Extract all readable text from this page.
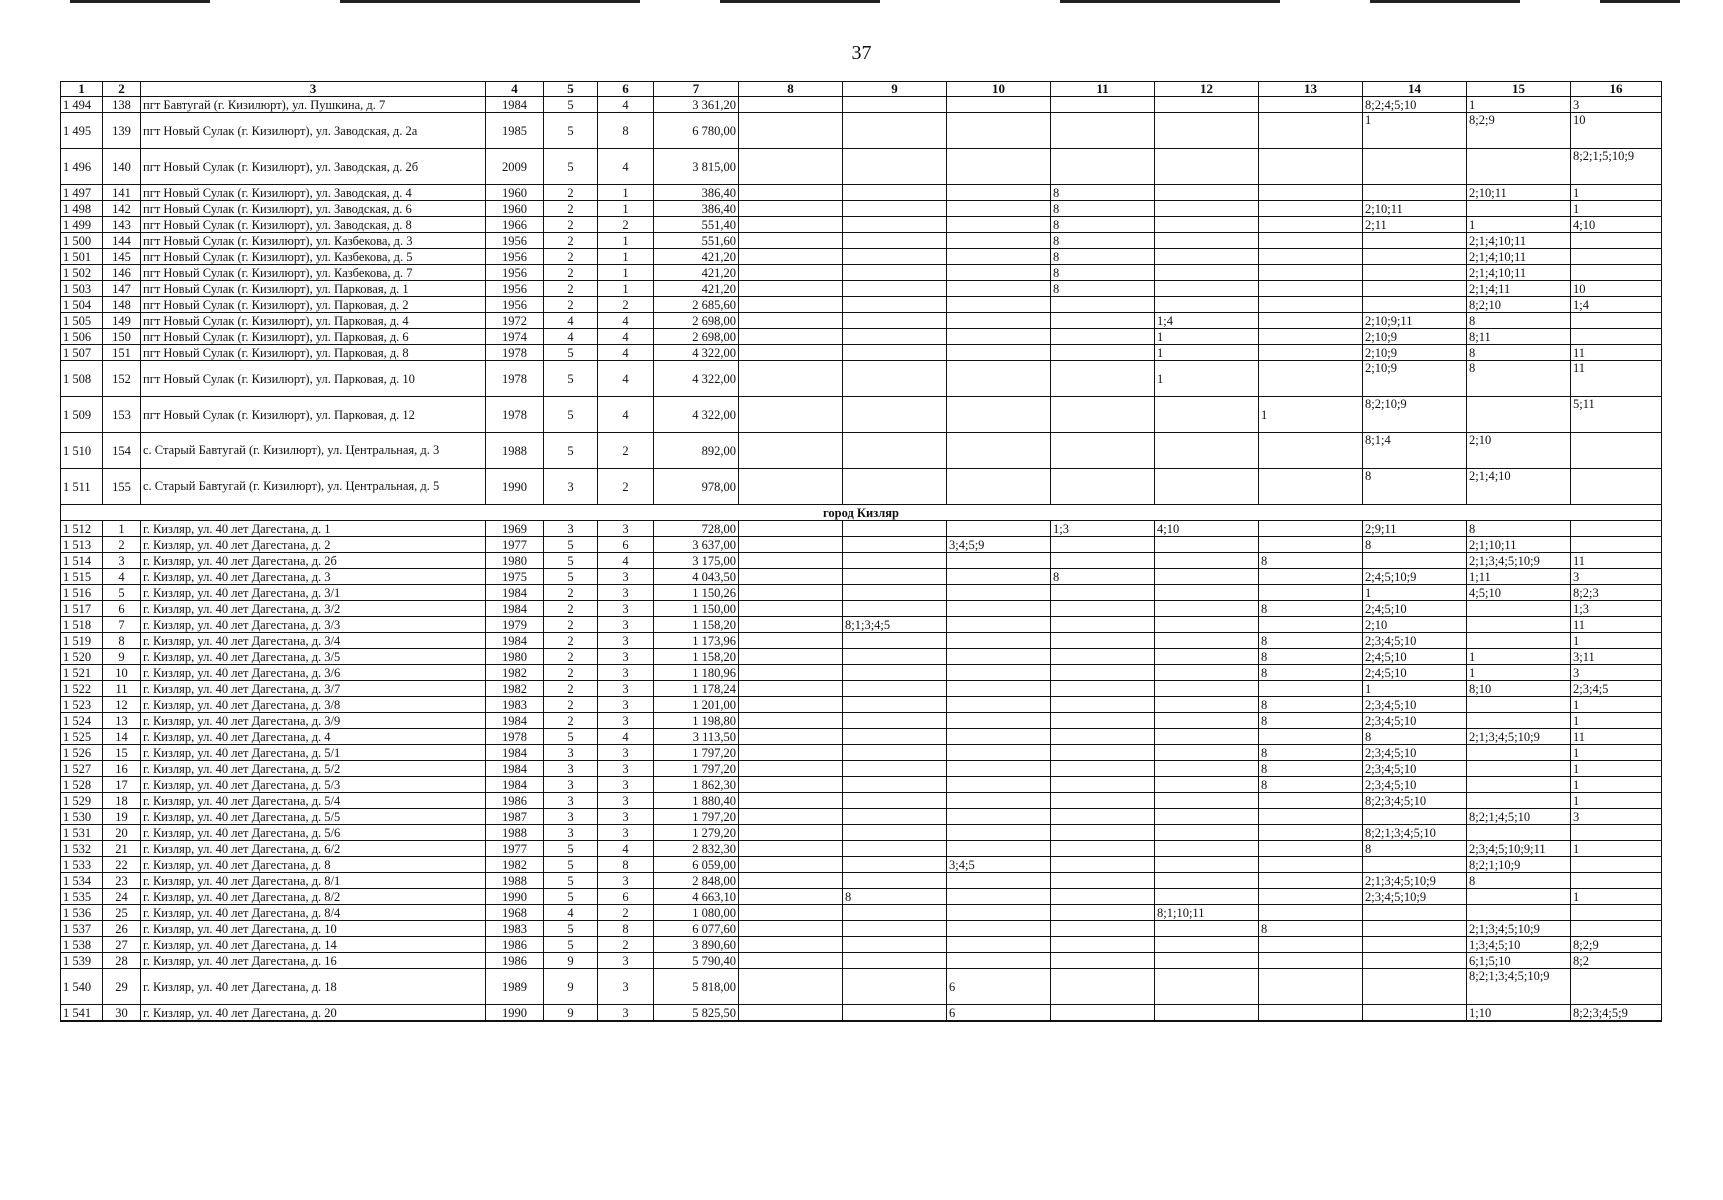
37
1	2	3	4	5	6	7	8	9	10	11	12	13	14	15	16
1 494	138	пгт Бавтугай (г. Кизилюрт), ул. Пушкина, д. 7	1984	5	4	3 361,20							8;2;4;5;10	1	3
1 495	139	пгт Новый Сулак (г. Кизилюрт), ул. Заводская, д. 2а	1985	5	8	6 780,00							1	8;2;9	10
1 496	140	пгт Новый Сулак (г. Кизилюрт), ул. Заводская, д. 2б	2009	5	4	3 815,00									8;2;1;5;10;9
1 497	141	пгт Новый Сулак (г. Кизилюрт), ул. Заводская, д. 4	1960	2	1	386,40				8				2;10;11	1
1 498	142	пгт Новый Сулак (г. Кизилюрт), ул. Заводская, д. 6	1960	2	1	386,40				8			2;10;11		1
1 499	143	пгт Новый Сулак (г. Кизилюрт), ул. Заводская, д. 8	1966	2	2	551,40				8			2;11	1	4;10
1 500	144	пгт Новый Сулак (г. Кизилюрт), ул. Казбекова, д. 3	1956	2	1	551,60				8				2;1;4;10;11	
1 501	145	пгт Новый Сулак (г. Кизилюрт), ул. Казбекова, д. 5	1956	2	1	421,20				8				2;1;4;10;11	
1 502	146	пгт Новый Сулак (г. Кизилюрт), ул. Казбекова, д. 7	1956	2	1	421,20				8				2;1;4;10;11	
1 503	147	пгт Новый Сулак (г. Кизилюрт), ул. Парковая, д. 1	1956	2	1	421,20				8				2;1;4;11	10
1 504	148	пгт Новый Сулак (г. Кизилюрт), ул. Парковая, д. 2	1956	2	2	2 685,60								8;2;10	1;4
1 505	149	пгт Новый Сулак (г. Кизилюрт), ул. Парковая, д. 4	1972	4	4	2 698,00					1;4		2;10;9;11	8	
1 506	150	пгт Новый Сулак (г. Кизилюрт), ул. Парковая, д. 6	1974	4	4	2 698,00					1		2;10;9	8;11	
1 507	151	пгт Новый Сулак (г. Кизилюрт), ул. Парковая, д. 8	1978	5	4	4 322,00					1		2;10;9	8	11
1 508	152	пгт Новый Сулак (г. Кизилюрт), ул. Парковая, д. 10	1978	5	4	4 322,00					1		2;10;9	8	11
1 509	153	пгт Новый Сулак (г. Кизилюрт), ул. Парковая, д. 12	1978	5	4	4 322,00						1	8;2;10;9		5;11
1 510	154	с. Старый Бавтугай (г. Кизилюрт), ул. Центральная, д. 3	1988	5	2	892,00							8;1;4	2;10	
1 511	155	с. Старый Бавтугай (г. Кизилюрт), ул. Центральная, д. 5	1990	3	2	978,00							8	2;1;4;10	
город Кизляр															
1 512	1	г. Кизляр, ул. 40 лет Дагестана, д. 1	1969	3	3	728,00				1;3	4;10		2;9;11	8	
1 513	2	г. Кизляр, ул. 40 лет Дагестана, д. 2	1977	5	6	3 637,00			3;4;5;9				8	2;1;10;11	
1 514	3	г. Кизляр, ул. 40 лет Дагестана, д. 2б	1980	5	4	3 175,00						8		2;1;3;4;5;10;9	11
1 515	4	г. Кизляр, ул. 40 лет Дагестана, д. 3	1975	5	3	4 043,50				8			2;4;5;10;9	1;11	3
1 516	5	г. Кизляр, ул. 40 лет Дагестана, д. 3/1	1984	2	3	1 150,26							1	4;5;10	8;2;3
1 517	6	г. Кизляр, ул. 40 лет Дагестана, д. 3/2	1984	2	3	1 150,00						8	2;4;5;10		1;3
1 518	7	г. Кизляр, ул. 40 лет Дагестана, д. 3/3	1979	2	3	1 158,20		8;1;3;4;5					2;10		11
1 519	8	г. Кизляр, ул. 40 лет Дагестана, д. 3/4	1984	2	3	1 173,96						8	2;3;4;5;10		1
1 520	9	г. Кизляр, ул. 40 лет Дагестана, д. 3/5	1980	2	3	1 158,20						8	2;4;5;10	1	3;11
1 521	10	г. Кизляр, ул. 40 лет Дагестана, д. 3/6	1982	2	3	1 180,96						8	2;4;5;10	1	3
1 522	11	г. Кизляр, ул. 40 лет Дагестана, д. 3/7	1982	2	3	1 178,24							1	8;10	2;3;4;5
1 523	12	г. Кизляр, ул. 40 лет Дагестана, д. 3/8	1983	2	3	1 201,00						8	2;3;4;5;10		1
1 524	13	г. Кизляр, ул. 40 лет Дагестана, д. 3/9	1984	2	3	1 198,80						8	2;3;4;5;10		1
1 525	14	г. Кизляр, ул. 40 лет Дагестана, д. 4	1978	5	4	3 113,50							8	2;1;3;4;5;10;9	11
1 526	15	г. Кизляр, ул. 40 лет Дагестана, д. 5/1	1984	3	3	1 797,20						8	2;3;4;5;10		1
1 527	16	г. Кизляр, ул. 40 лет Дагестана, д. 5/2	1984	3	3	1 797,20						8	2;3;4;5;10		1
1 528	17	г. Кизляр, ул. 40 лет Дагестана, д. 5/3	1984	3	3	1 862,30						8	2;3;4;5;10		1
1 529	18	г. Кизляр, ул. 40 лет Дагестана, д. 5/4	1986	3	3	1 880,40							8;2;3;4;5;10		1
1 530	19	г. Кизляр, ул. 40 лет Дагестана, д. 5/5	1987	3	3	1 797,20								8;2;1;4;5;10	3
1 531	20	г. Кизляр, ул. 40 лет Дагестана, д. 5/6	1988	3	3	1 279,20							8;2;1;3;4;5;10		
1 532	21	г. Кизляр, ул. 40 лет Дагестана, д. 6/2	1977	5	4	2 832,30							8	2;3;4;5;10;9;11	1
1 533	22	г. Кизляр, ул. 40 лет Дагестана, д. 8	1982	5	8	6 059,00			3;4;5					8;2;1;10;9	
1 534	23	г. Кизляр, ул. 40 лет Дагестана, д. 8/1	1988	5	3	2 848,00							2;1;3;4;5;10;9	8	
1 535	24	г. Кизляр, ул. 40 лет Дагестана, д. 8/2	1990	5	6	4 663,10		8					2;3;4;5;10;9		1
1 536	25	г. Кизляр, ул. 40 лет Дагестана, д. 8/4	1968	4	2	1 080,00					8;1;10;11				
1 537	26	г. Кизляр, ул. 40 лет Дагестана, д. 10	1983	5	8	6 077,60						8		2;1;3;4;5;10;9	
1 538	27	г. Кизляр, ул. 40 лет Дагестана, д. 14	1986	5	2	3 890,60								1;3;4;5;10	8;2;9
1 539	28	г. Кизляр, ул. 40 лет Дагестана, д. 16	1986	9	3	5 790,40								6;1;5;10	8;2
1 540	29	г. Кизляр, ул. 40 лет Дагестана, д. 18	1989	9	3	5 818,00			6					8;2;1;3;4;5;10;9	
1 541	30	г. Кизляр, ул. 40 лет Дагестана, д. 20	1990	9	3	5 825,50			6					1;10	8;2;3;4;5;9
